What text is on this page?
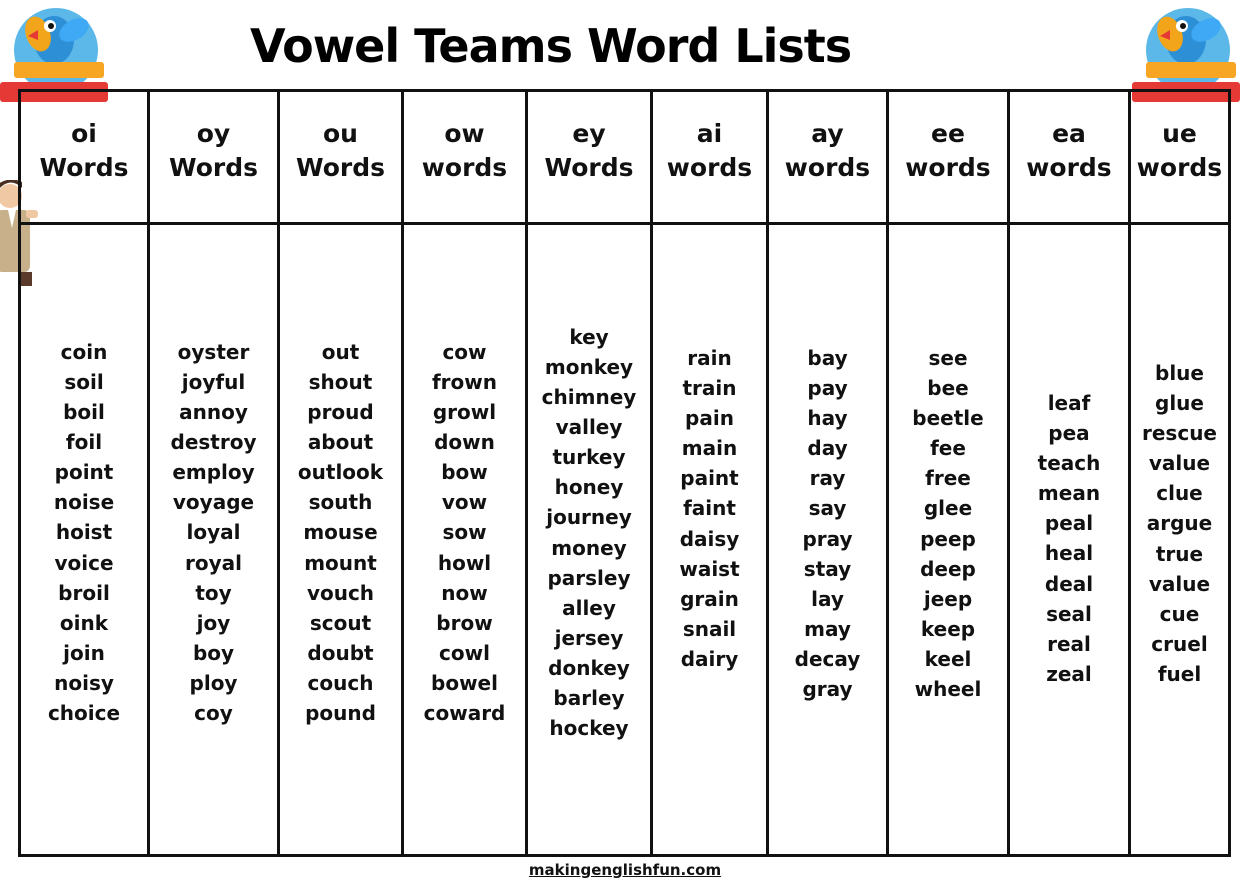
Vowel Teams Word Lists
oi
Words
coin
soil
boil
foil
point
noise
hoist
voice
broil
oink
join
noisy
choice
oy
Words
oyster
joyful
annoy
destroy
employ
voyage
loyal
royal
toy
joy
boy
ploy
coy
ou
Words
out
shout
proud
about
outlook
south
mouse
mount
vouch
scout
doubt
couch
pound
ow
words
cow
frown
growl
down
bow
vow
sow
howl
now
brow
cowl
bowel
coward
ey
Words
key
monkey
chimney
valley
turkey
honey
journey
money
parsley
alley
jersey
donkey
barley
hockey
ai
words
rain
train
pain
main
paint
faint
daisy
waist
grain
snail
dairy
ay
words
bay
pay
hay
day
ray
say
pray
stay
lay
may
decay
gray
ee
words
see
bee
beetle
fee
free
glee
peep
deep
jeep
keep
keel
wheel
ea
words
leaf
pea
teach
mean
peal
heal
deal
seal
real
zeal
ue
words
blue
glue
rescue
value
clue
argue
true
value
cue
cruel
fuel
makingenglishfun.com
